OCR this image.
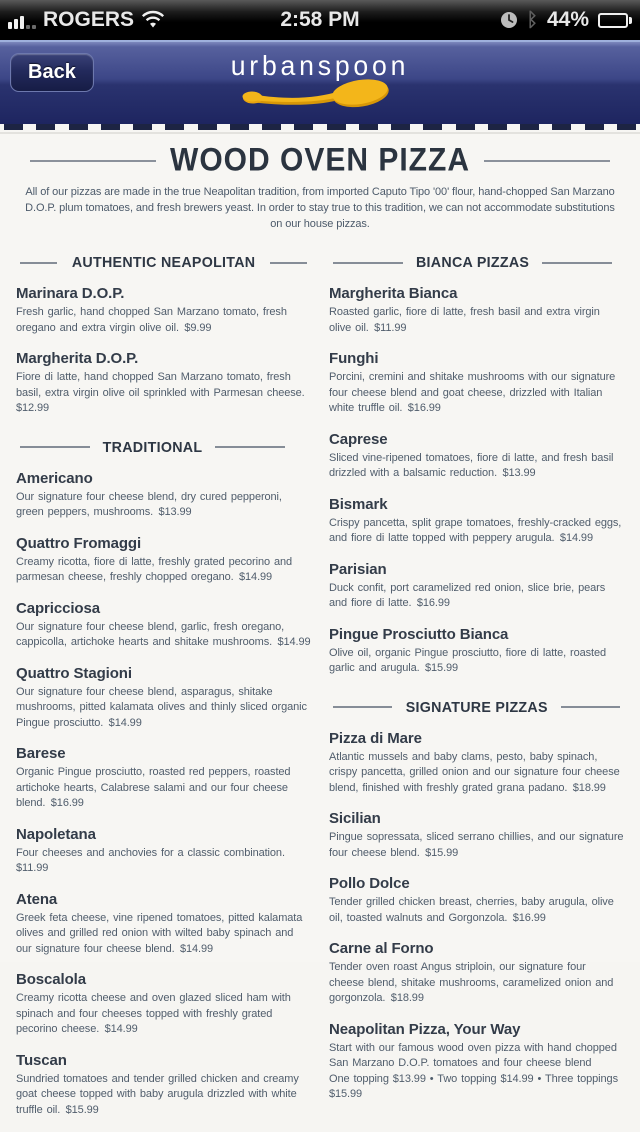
ROGERS	2:58 PM	ᛒ 44%
Back	urbanspoon
WOOD OVEN PIZZA
All of our pizzas are made in the true Neapolitan tradition, from imported Caputo Tipo '00' flour, hand-chopped San Marzano D.O.P. plum tomatoes, and fresh brewers yeast. In order to stay true to this tradition, we can not accommodate substitutions on our house pizzas.
AUTHENTIC NEAPOLITAN
Marinara D.O.P.
Fresh garlic, hand chopped San Marzano tomato, fresh oregano and extra virgin olive oil.  $9.99
Margherita D.O.P.
Fiore di latte, hand chopped San Marzano tomato, fresh basil, extra virgin olive oil sprinkled with Parmesan cheese. $12.99
TRADITIONAL
Americano
Our signature four cheese blend, dry cured pepperoni, green peppers, mushrooms.  $13.99
Quattro Fromaggi
Creamy ricotta, fiore di latte, freshly grated pecorino and parmesan cheese, freshly chopped oregano.  $14.99
Capricciosa
Our signature four cheese blend, garlic, fresh oregano, cappicolla, artichoke hearts and shitake mushrooms.  $14.99
Quattro Stagioni
Our signature four cheese blend, asparagus, shitake mushrooms, pitted kalamata olives and thinly sliced organic Pingue prosciutto.  $14.99
Barese
Organic Pingue prosciutto, roasted red peppers, roasted artichoke hearts, Calabrese salami and our four cheese blend.  $16.99
Napoletana
Four cheeses and anchovies for a classic combination. $11.99
Atena
Greek feta cheese, vine ripened tomatoes, pitted kalamata olives and grilled red onion with wilted baby spinach and our signature four cheese blend.  $14.99
Boscalola
Creamy ricotta cheese and oven glazed sliced ham with spinach and four cheeses topped with freshly grated pecorino cheese.  $14.99
Tuscan
Sundried tomatoes and tender grilled chicken and creamy goat cheese topped with baby arugula drizzled with white truffle oil.  $15.99
BIANCA PIZZAS
Margherita Bianca
Roasted garlic, fiore di latte, fresh basil and extra virgin olive oil.  $11.99
Funghi
Porcini, cremini and shitake mushrooms with our signature four cheese blend and goat cheese, drizzled with Italian white truffle oil.  $16.99
Caprese
Sliced vine-ripened tomatoes, fiore di latte, and fresh basil drizzled with a balsamic reduction.  $13.99
Bismark
Crispy pancetta, split grape tomatoes, freshly-cracked eggs, and fiore di latte topped with peppery arugula.  $14.99
Parisian
Duck confit, port caramelized red onion, slice brie, pears and fiore di latte.  $16.99
Pingue Prosciutto Bianca
Olive oil, organic Pingue prosciutto, fiore di latte, roasted garlic and arugula.  $15.99
SIGNATURE PIZZAS
Pizza di Mare
Atlantic mussels and baby clams, pesto, baby spinach, crispy pancetta, grilled onion and our signature four cheese blend, finished with freshly grated grana padano.  $18.99
Sicilian
Pingue sopressata, sliced serrano chillies, and our signature four cheese blend.  $15.99
Pollo Dolce
Tender grilled chicken breast, cherries, baby arugula, olive oil, toasted walnuts and Gorgonzola.  $16.99
Carne al Forno
Tender oven roast Angus striploin, our signature four cheese blend, shitake mushrooms, caramelized onion and gorgonzola.  $18.99
Neapolitan Pizza, Your Way
Start with our famous wood oven pizza with hand chopped San Marzano D.O.P. tomatoes and four cheese blend
One topping $13.99 • Two topping $14.99 • Three toppings $15.99
